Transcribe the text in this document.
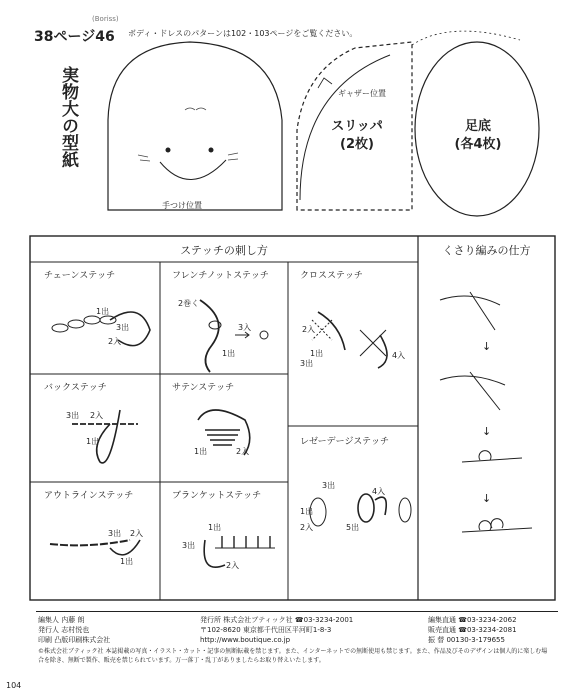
38ページ46
(Boriss)
ボディ・ドレスのパターンは102・103ページをご覧ください。
実物大の型紙
手つけ位置
ギャザー位置
スリッパ
(2枚)
足底
(各4枚)
ステッチの刺し方	くさり編みの仕方
チェーンステッチ
1出
3出
2入
フレンチノットステッチ
2巻く
1出
3入
クロスステッチ
2入
1出
3出
4入
バックステッチ
3出 2入
1出
サテンステッチ
1出	2入
レゼーデージステッチ
3出
4入
1出
2入	5出
アウトラインステッチ
3出 2入
1出
ブランケットステッチ
3出
1出
2入
↓
↓
↓
編集人 内藤 朗
発行人 志村悦也
印刷 凸版印刷株式会社
発行所 株式会社ブティック社 ☎03-3234-2001
〒102-8620 東京都千代田区平河町1-8-3
http://www.boutique.co.jp
編集直通 ☎03-3234-2062
販売直通 ☎03-3234-2081
振 替 00130-3-179655
©株式会社ブティック社 本誌掲載の写真・イラスト・カット・記事の無断転載を禁じます。また、インターネットでの無断使用も禁じます。また、作品及びそのデザインは個人的に楽しむ場合を除き、無断で製作、販売を禁じられています。万一落丁・乱丁がありましたらお取り替えいたします。
104
